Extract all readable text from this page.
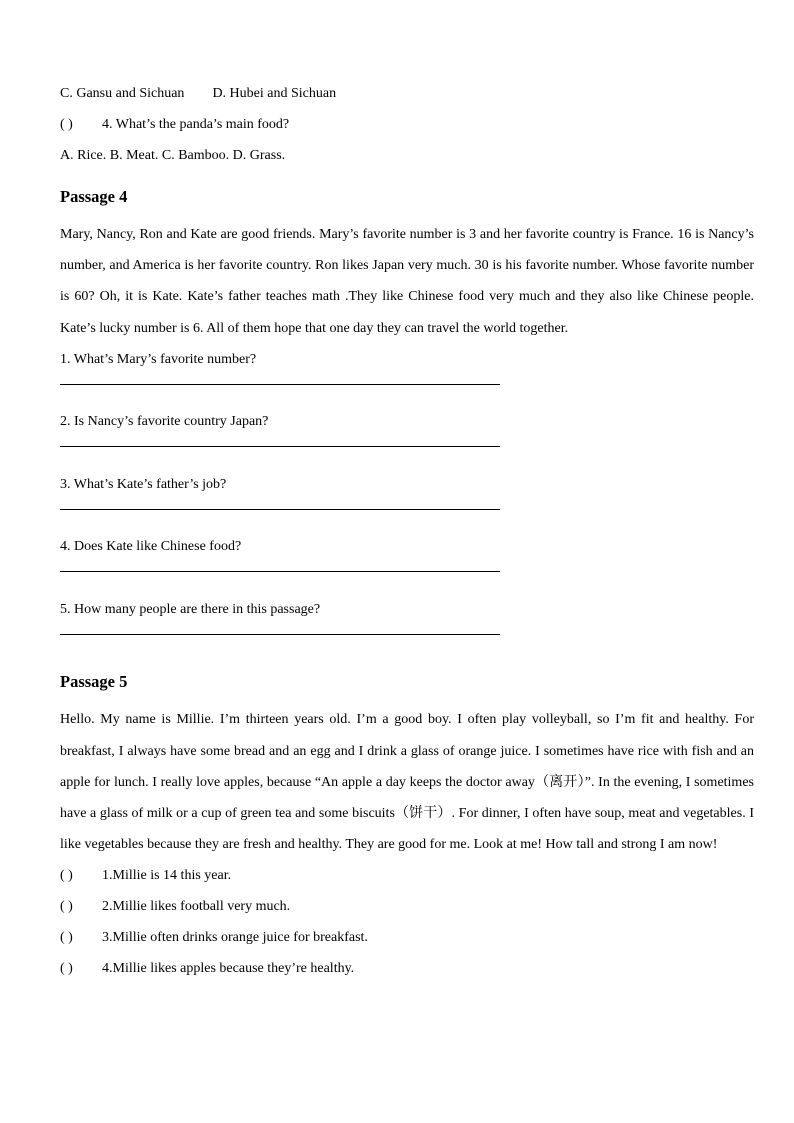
C. Gansu and Sichuan D. Hubei and Sichuan
( ) 4. What’s the panda’s main food?
A. Rice. B. Meat. C. Bamboo. D. Grass.
Passage 4
Mary, Nancy, Ron and Kate are good friends. Mary’s favorite number is 3 and her favorite country is France. 16 is Nancy’s number, and America is her favorite country. Ron likes Japan very much. 30 is his favorite number. Whose favorite number is 60? Oh, it is Kate. Kate’s father teaches math .They like Chinese food very much and they also like Chinese people. Kate’s lucky number is 6. All of them hope that one day they can travel the world together.
1. What’s Mary’s favorite number?
2. Is Nancy’s favorite country Japan?
3. What’s Kate’s father’s job?
4. Does Kate like Chinese food?
5. How many people are there in this passage?
Passage 5
Hello. My name is Millie. I’m thirteen years old. I’m a good boy. I often play volleyball, so I’m fit and healthy. For breakfast, I always have some bread and an egg and I drink a glass of orange juice. I sometimes have rice with fish and an apple for lunch. I really love apples, because “An apple a day keeps the doctor away（离开）”. In the evening, I sometimes have a glass of milk or a cup of green tea and some biscuits（饼干）. For dinner, I often have soup, meat and vegetables. I like vegetables because they are fresh and healthy. They are good for me. Look at me! How tall and strong I am now!
( ) 1.Millie is 14 this year.
( ) 2.Millie likes football very much.
( ) 3.Millie often drinks orange juice for breakfast.
( ) 4.Millie likes apples because they’re healthy.
